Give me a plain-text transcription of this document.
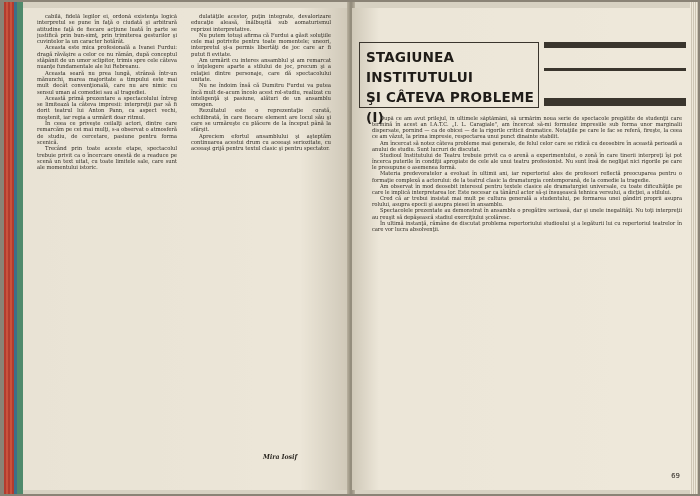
cabilă, fidelă legilor ei, ordonă existenţa logică interpretul se pune în faţă o ciudată şi arbitrară atitudine faţă de fiecare acţiune luată în parte se justifică prin bun-simţ, prin trimiterea gesturilor şi cuvintelor la un caracter hotărât.

Aceasta este mica profesională a Ivanei Furdui: dragă răvăşire a celor ce nu rămân, după conceptul stăpânit de un umor sclipitor, trimis spre cele câteva nuanţe fundamentale ale lui Rebreanu.

Aceasta seară nu prea lungă, strânsă într-un mănunchi, marea majoritate a timpului este mai mult decât convenţională, care nu are nimic cu sensul uman al comediei sau al tragediei.

Această primă prezentare a spectacolului întreg se limitează la câteva impresii: interpreţii par să fi dorit teatrul lui Anton Pann, ca aspect vechi, moştenit, iar regia a urmărit doar ritmul.

În ceea ce priveşte ceilalţi actori, dintre care remarcăm pe cei mai mulţi, s-a observat o atmosferă de studiu, de cercetare, pasiune pentru forma scenică.

Trecând prin toate aceste etape, spectacolul trebuie privit ca o încercare onestă de a readuce pe scenă un text uitat, cu toate limitele sale, care sunt ale momentului istoric.

dulatăţile acestor, puţin integrate, devalorizare educaţie aleasă, înălbuşită sub aomaturismul reprizei interpretative.

Nu putem totuşi afirma că Furdui a găsit soluţiile cele mai potrivite pentru toate momentele; uneori, interpretul şi-a permis libertăţi de joc care ar fi putut fi evitate.

Am urmărit cu interes ansamblul şi am remarcat o înţelegere aparte a stilului de joc, precum şi a relaţiei dintre personaje, care dă spectacolului unitate.

Nu ne îndoim însă că Dumitru Furdui va putea încă mult de-acum încolo acest rol-studiu, realizat cu inteligenţă şi pasiune, alături de un ansamblu omogen.

Rezultatul este o reprezentaţie curată, echilibrată, în care fiecare element are locul său şi care se urmăreşte cu plăcere de la început până la sfârşit.

Apreciem efortul ansamblului şi aşteptăm continuarea acestui drum cu aceeaşi seriozitate, cu aceeaşi grijă pentru textul clasic şi pentru spectator.

Mira Iosif
STAGIUNEA INSTITUTULUI
ŞI CÂTEVA PROBLEME (I)

După ce am avut prilejul, în ultimele săptămâni, să urmărim noua serie de spectacole pregătite de studenţii care termină în acest an I.A.T.C. „I. L. Caragiale", am încercat să-mi formulez impresiile sub forma unor marginalii dispersate, pornind — ca de obicei — de la rigorile criticii dramatice. Notaţiile pe care le fac se referă, fireşte, la ceea ce am văzut, la prima impresie, respectarea unui punct dinainte stabilit.

Am încercat să notez câteva probleme mai generale, de felul celor care se ridică cu deosebire în această perioadă a anului de studiu. Sunt lucruri de discutat.

Studioul Institutului de Teatru trebuie privit ca o arenă a experimentului, o zonă în care tinerii interpreţi îşi pot încerca puterile în condiţii apropiate de cele ale unui teatru profesionist. Nu sunt însă de neglijat nici rigorile pe care le presupune o asemenea formă.

Materia predevoratelor a evoluat în ultimii ani, iar repertoriul ales de profesori reflectă preocuparea pentru o formaţie complexă a actorului: de la teatrul clasic la dramaturgia contemporană, de la comedie la tragedie.

Am observat în mod deosebit interesul pentru textele clasice ale dramaturgiei universale, cu toate dificultăţile pe care le implică interpretarea lor. Este necesar ca tânărul actor să-şi însuşească tehnica versului, a dicţiei, a stilului.

Cred că ar trebui insistat mai mult pe cultura generală a studentului, pe formarea unei gândiri proprii asupra rolului, asupra epocii şi asupra piesei în ansamblu.

Spectacolele prezentate au demonstrat în ansamblu o pregătire serioasă, dar şi unele inegalităţi. Nu toţi interpreţii au reuşit să depăşească stadiul exerciţiului şcolăresc.

În ultimă instanţă, rămâne de discutat problema repertoriului studioului şi a legăturii lui cu repertoriul teatrelor în care vor lucra absolvenţii.

69
